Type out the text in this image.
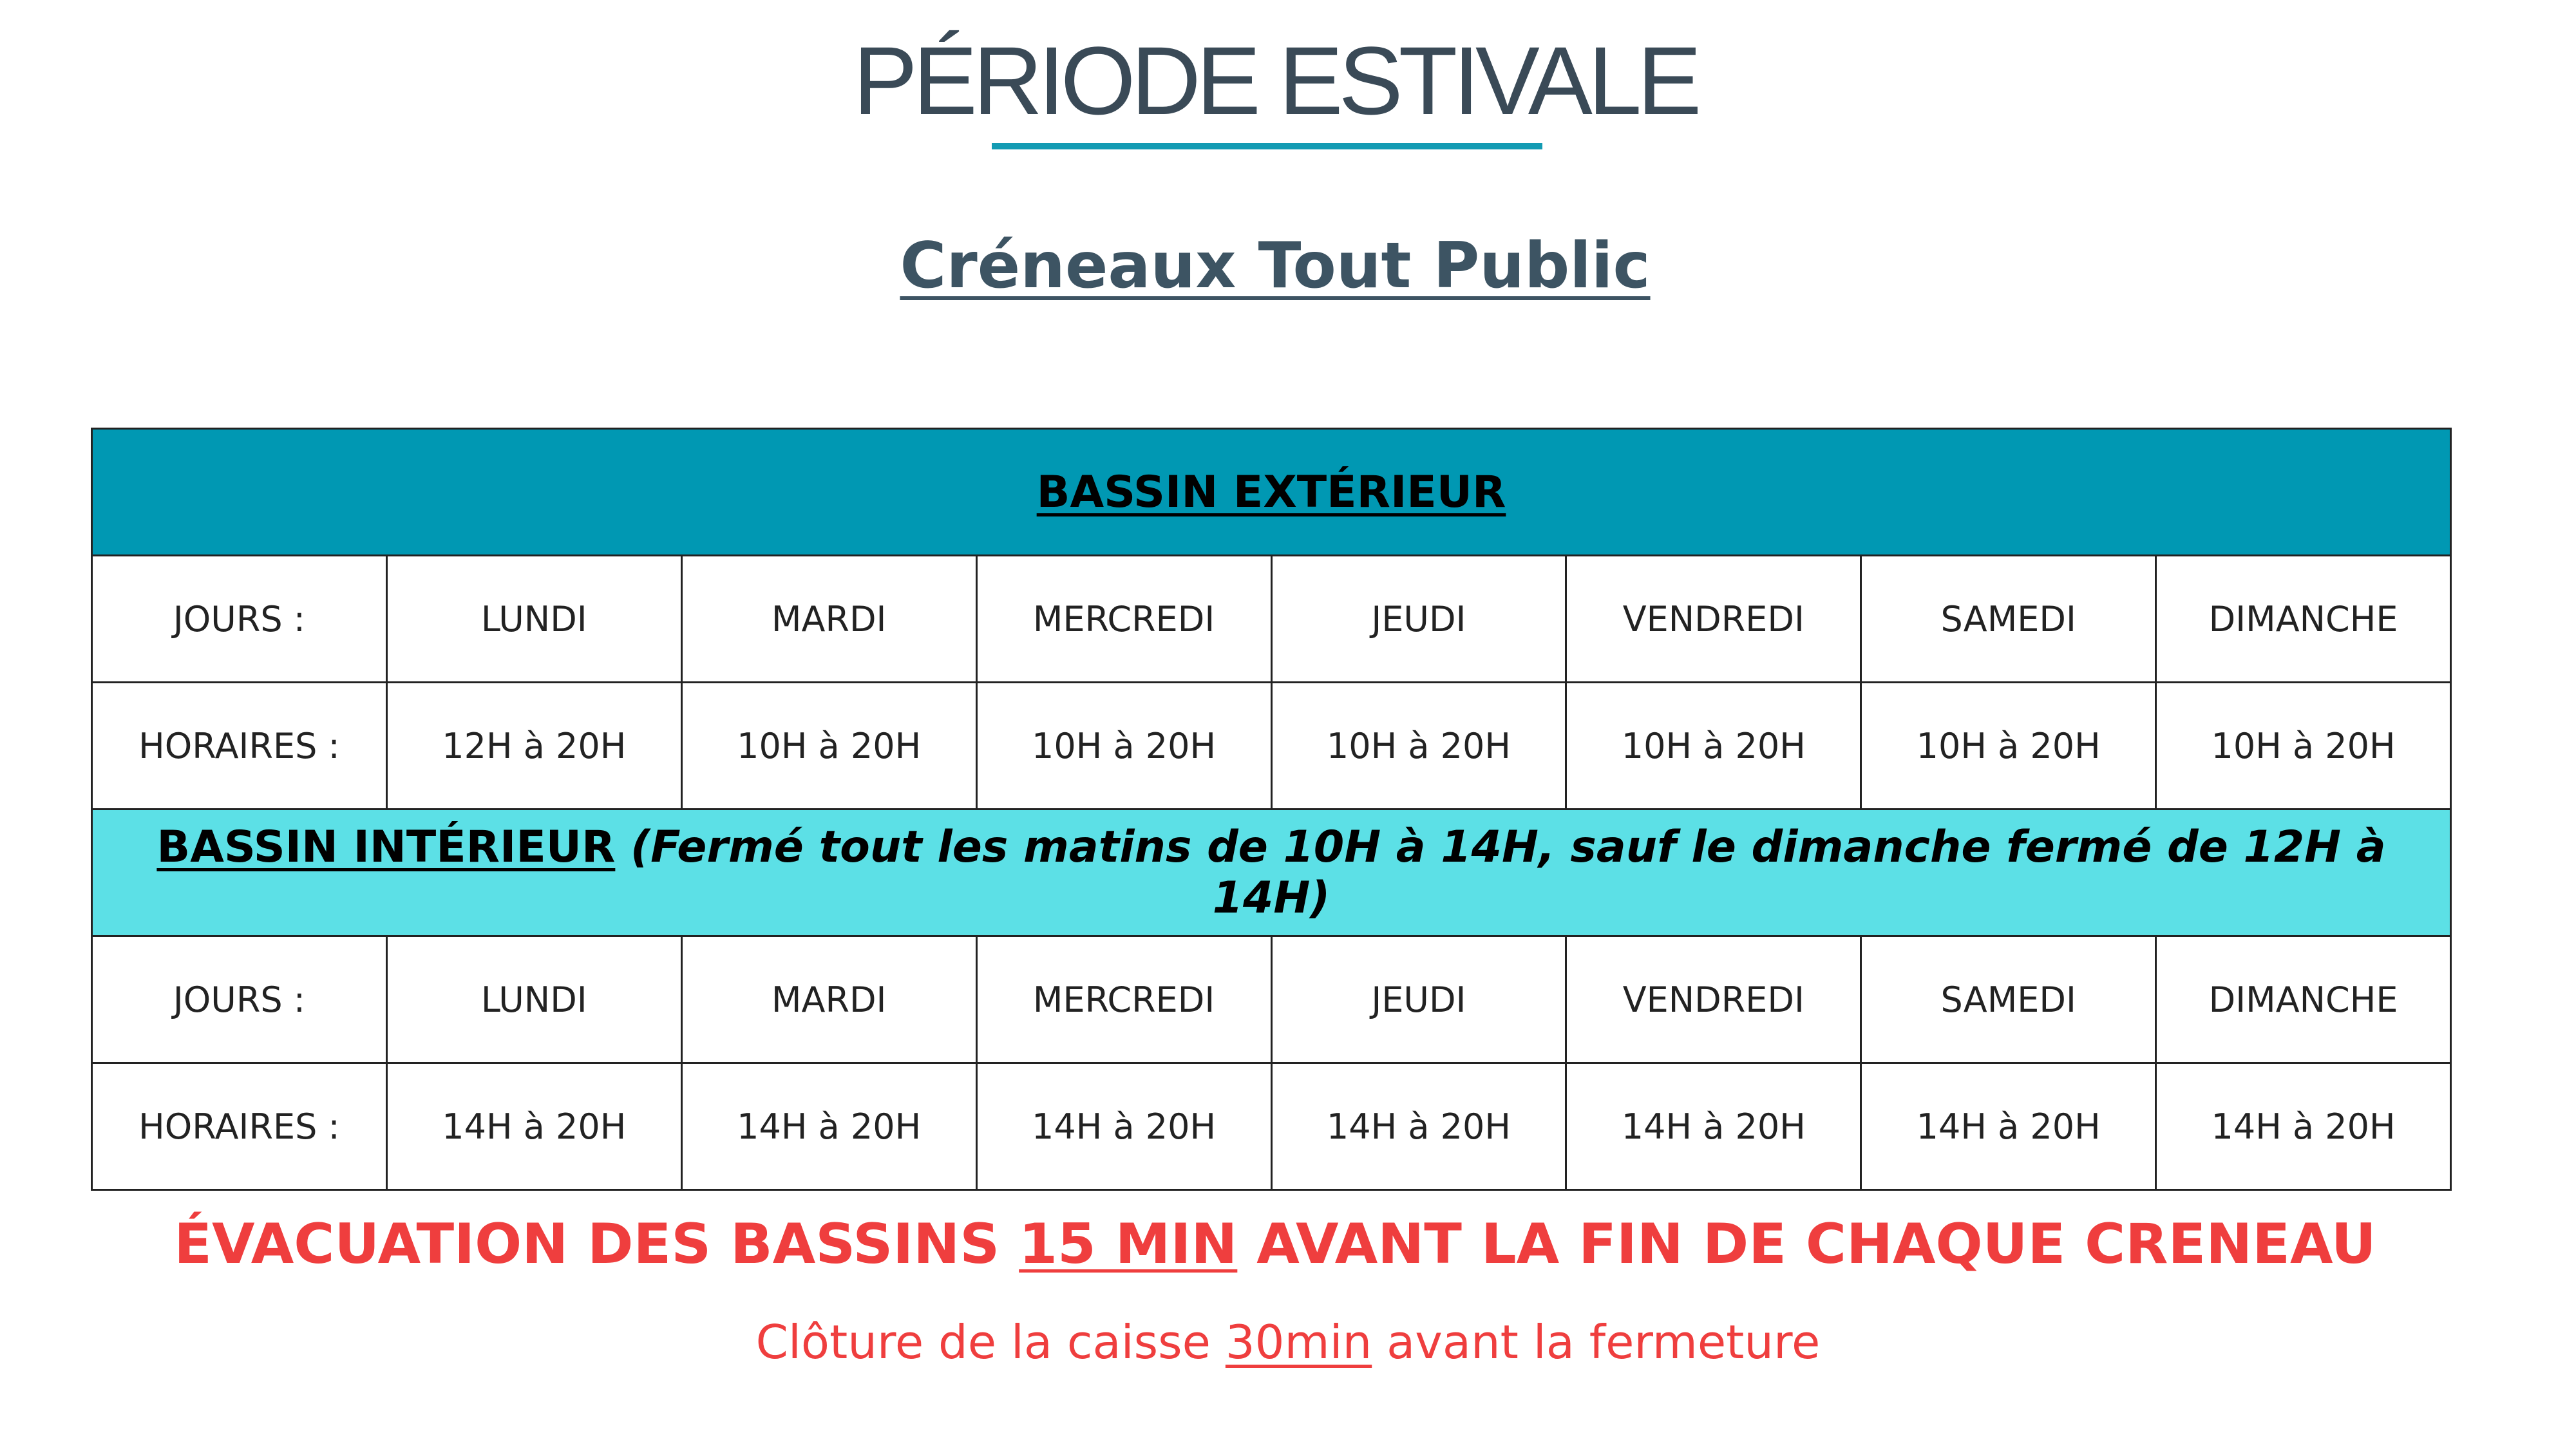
PÉRIODE ESTIVALE
Créneaux Tout Public
BASSIN EXTÉRIEUR							
JOURS :	LUNDI	MARDI	MERCREDI	JEUDI	VENDREDI	SAMEDI	DIMANCHE
HORAIRES :	12H à 20H	10H à 20H	10H à 20H	10H à 20H	10H à 20H	10H à 20H	10H à 20H
BASSIN INTÉRIEUR (Fermé tout les matins de 10H à 14H, sauf le dimanche fermé de 12H à 14H)							
JOURS :	LUNDI	MARDI	MERCREDI	JEUDI	VENDREDI	SAMEDI	DIMANCHE
HORAIRES :	14H à 20H	14H à 20H	14H à 20H	14H à 20H	14H à 20H	14H à 20H	14H à 20H

ÉVACUATION DES BASSINS 15 MIN AVANT LA FIN DE CHAQUE CRENEAU

Clôture de la caisse 30min avant la fermeture
